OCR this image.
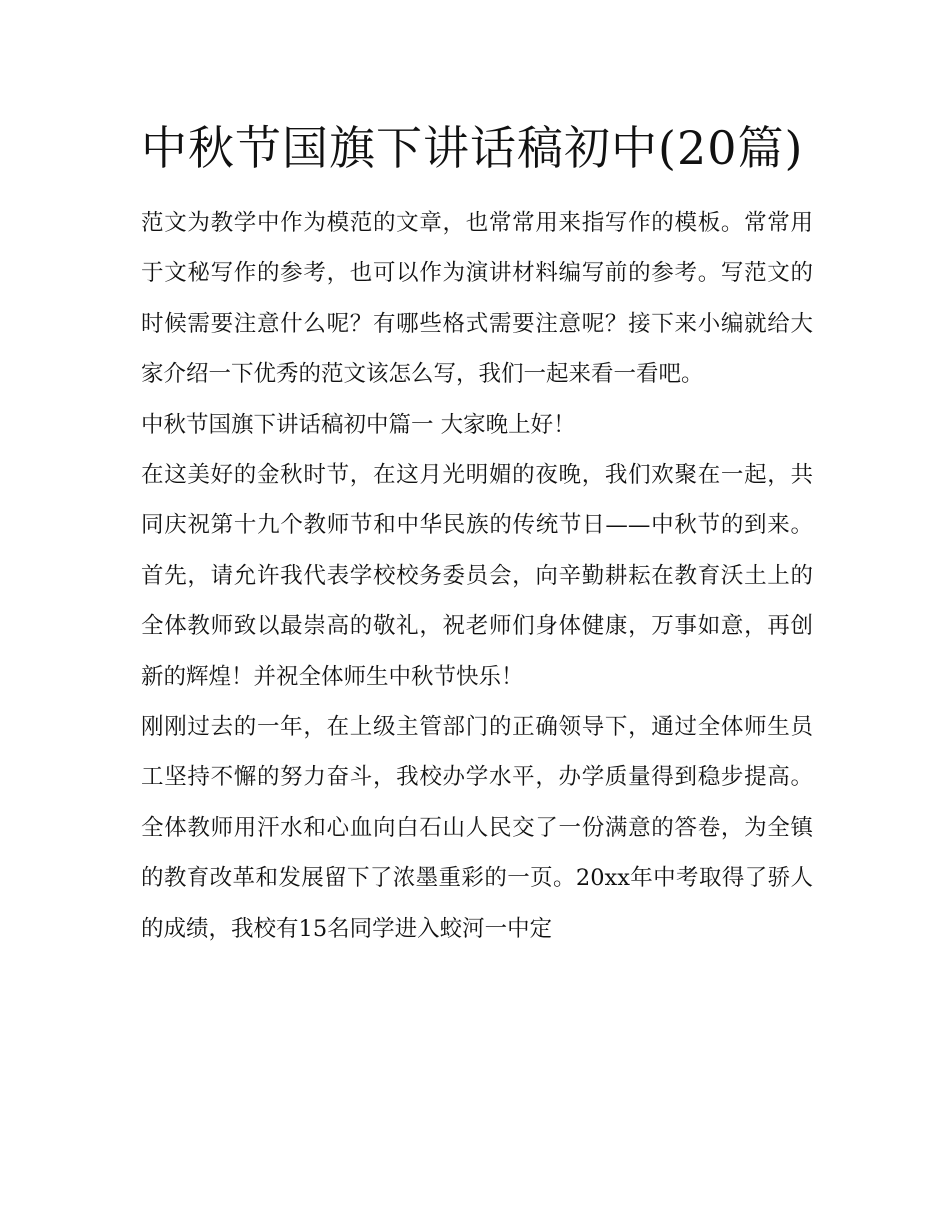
中秋节国旗下讲话稿初中(20篇)

范文为教学中作为模范的文章，也常常用来指写作的模板。常常用于文秘写作的参考，也可以作为演讲材料编写前的参考。写范文的时候需要注意什么呢？有哪些格式需要注意呢？接下来小编就给大家介绍一下优秀的范文该怎么写，我们一起来看一看吧。

中秋节国旗下讲话稿初中篇一 大家晚上好！

在这美好的金秋时节，在这月光明媚的夜晚，我们欢聚在一起，共同庆祝第十九个教师节和中华民族的传统节日——中秋节的到来。首先，请允许我代表学校校务委员会，向辛勤耕耘在教育沃土上的全体教师致以最崇高的敬礼，祝老师们身体健康，万事如意，再创新的辉煌！并祝全体师生中秋节快乐！

刚刚过去的一年，在上级主管部门的正确领导下，通过全体师生员工坚持不懈的努力奋斗，我校办学水平，办学质量得到稳步提高。全体教师用汗水和心血向白石山人民交了一份满意的答卷，为全镇的教育改革和发展留下了浓墨重彩的一页。20xx年中考取得了骄人的成绩，我校有15名同学进入蛟河一中定
